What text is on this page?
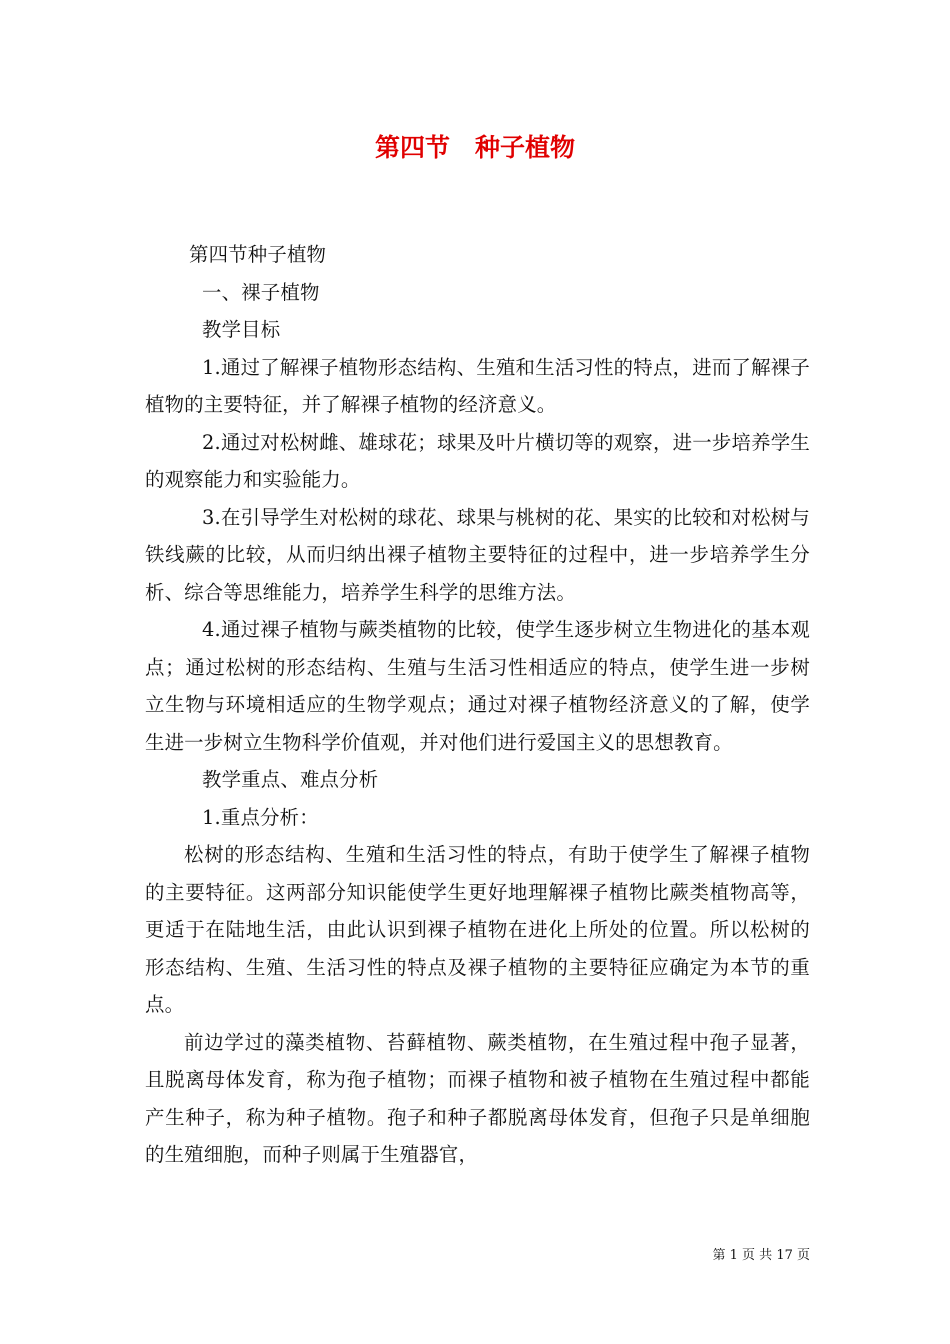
第四节　种子植物

第四节种子植物

一、裸子植物

教学目标

1.通过了解裸子植物形态结构、生殖和生活习性的特点，进而了解裸子植物的主要特征，并了解裸子植物的经济意义。

2.通过对松树雌、雄球花；球果及叶片横切等的观察，进一步培养学生的观察能力和实验能力。

3.在引导学生对松树的球花、球果与桃树的花、果实的比较和对松树与铁线蕨的比较，从而归纳出裸子植物主要特征的过程中，进一步培养学生分析、综合等思维能力，培养学生科学的思维方法。

4.通过裸子植物与蕨类植物的比较，使学生逐步树立生物进化的基本观点；通过松树的形态结构、生殖与生活习性相适应的特点，使学生进一步树立生物与环境相适应的生物学观点；通过对裸子植物经济意义的了解，使学生进一步树立生物科学价值观，并对他们进行爱国主义的思想教育。

教学重点、难点分析

1.重点分析：

松树的形态结构、生殖和生活习性的特点，有助于使学生了解裸子植物的主要特征。这两部分知识能使学生更好地理解裸子植物比蕨类植物高等，更适于在陆地生活，由此认识到裸子植物在进化上所处的位置。所以松树的形态结构、生殖、生活习性的特点及裸子植物的主要特征应确定为本节的重点。

前边学过的藻类植物、苔藓植物、蕨类植物，在生殖过程中孢子显著，且脱离母体发育，称为孢子植物；而裸子植物和被子植物在生殖过程中都能产生种子，称为种子植物。孢子和种子都脱离母体发育，但孢子只是单细胞的生殖细胞，而种子则属于生殖器官，

第 1 页 共 17 页
